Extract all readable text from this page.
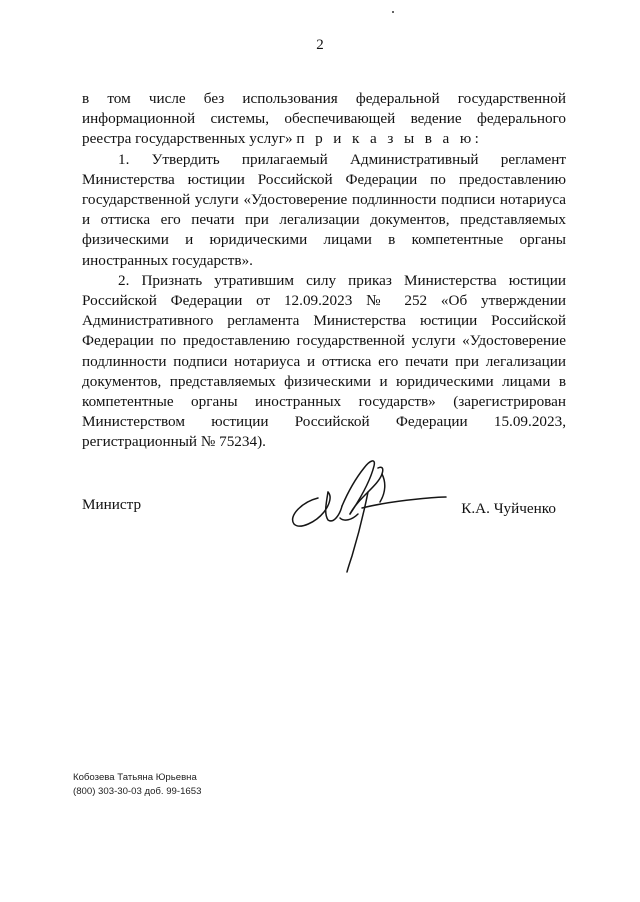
2

в том числе без использования федеральной государственной информационной системы, обеспечивающей ведение федерального реестра государственных услуг» п р и к а з ы в а ю:

1. Утвердить прилагаемый Административный регламент Министерства юстиции Российской Федерации по предоставлению государственной услуги «Удостоверение подлинности подписи нотариуса и оттиска его печати при легализации документов, представляемых физическими и юридическими лицами в компетентные органы иностранных государств».

2. Признать утратившим силу приказ Министерства юстиции Российской Федерации от 12.09.2023 № 252 «Об утверждении Административного регламента Министерства юстиции Российской Федерации по предоставлению государственной услуги «Удостоверение подлинности подписи нотариуса и оттиска его печати при легализации документов, представляемых физическими и юридическими лицами в компетентные органы иностранных государств» (зарегистрирован Министерством юстиции Российской Федерации 15.09.2023, регистрационный № 75234).

Министр	К.А. Чуйченко
Кобозева Татьяна Юрьевна
(800) 303-30-03 доб. 99-1653
